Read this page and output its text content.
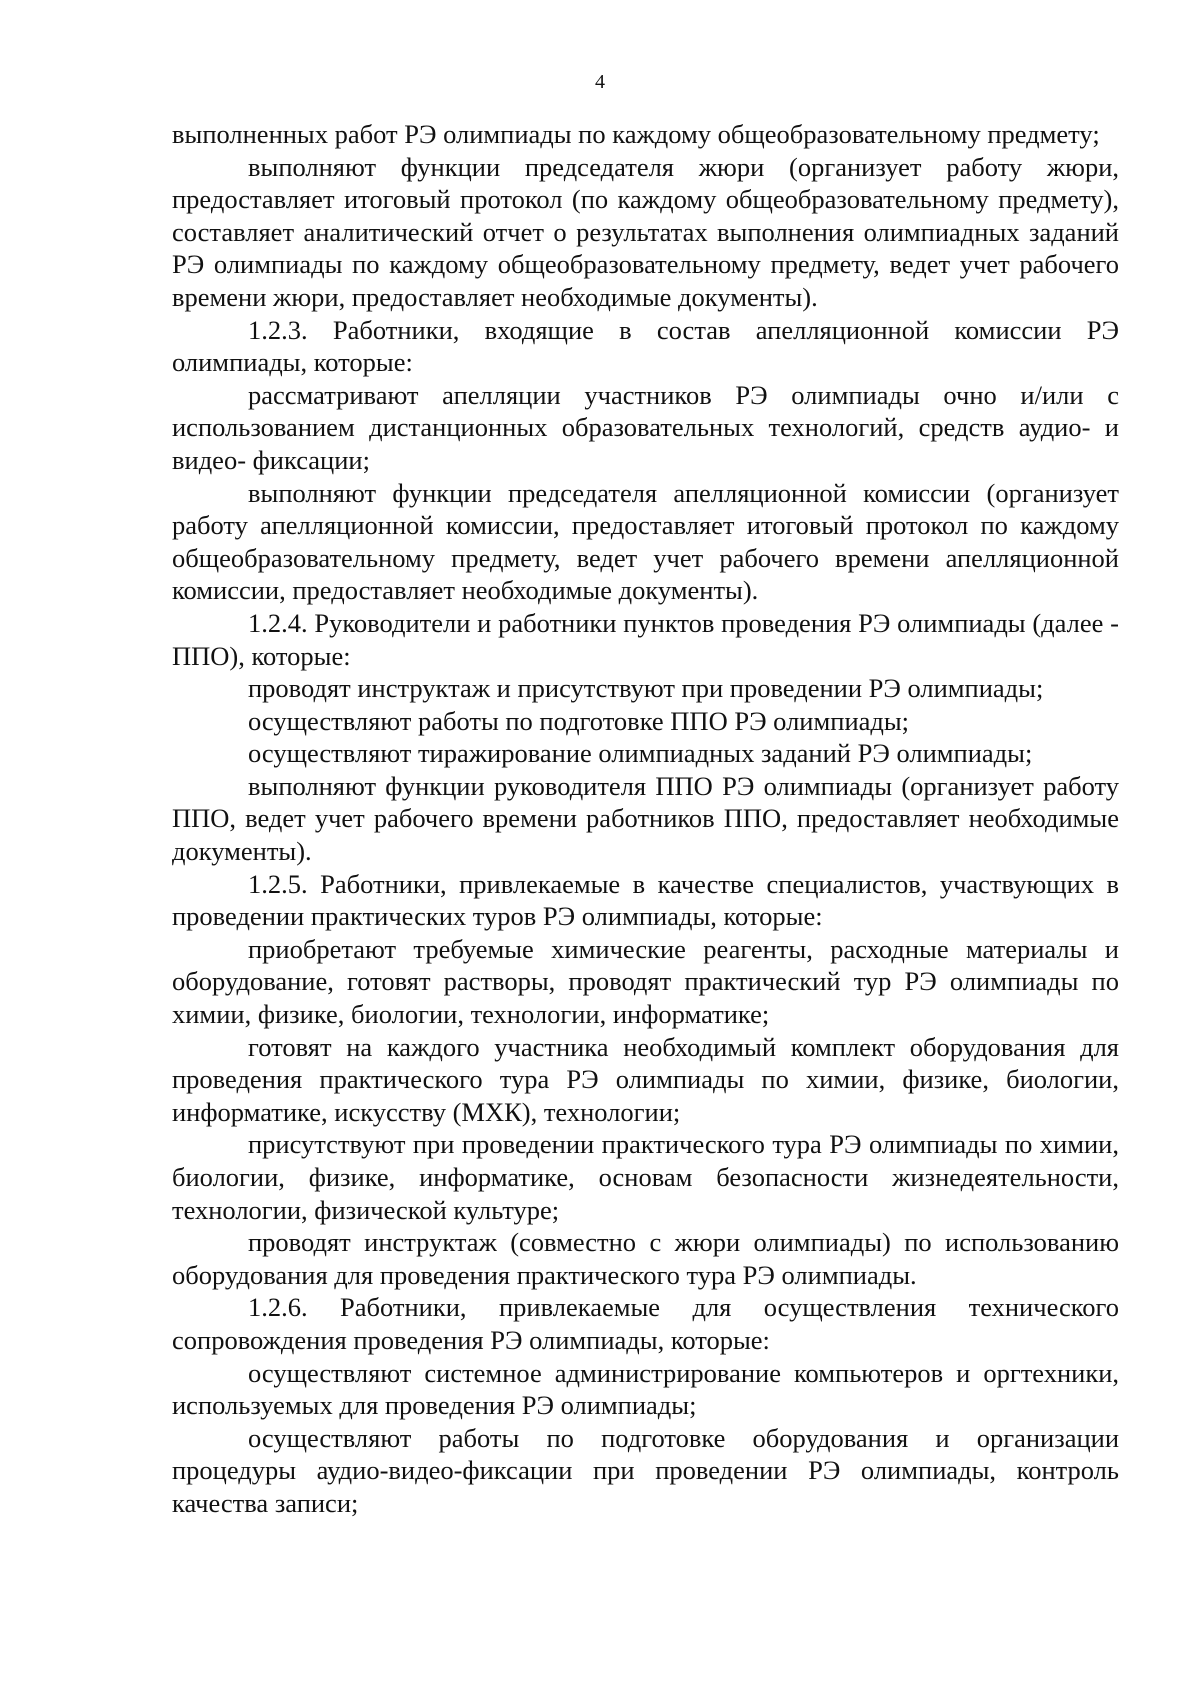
4

выполненных работ РЭ олимпиады по каждому общеобразовательному предмету;

выполняют функции председателя жюри (организует работу жюри, предоставляет итоговый протокол (по каждому общеобразовательному предмету), составляет аналитический отчет о результатах выполнения олимпиадных заданий РЭ олимпиады по каждому общеобразовательному предмету, ведет учет рабочего времени жюри, предоставляет необходимые документы).

1.2.3. Работники, входящие в состав апелляционной комиссии РЭ олимпиады, которые:

рассматривают апелляции участников РЭ олимпиады очно и/или с использованием дистанционных образовательных технологий, средств аудио- и видео- фиксации;

выполняют функции председателя апелляционной комиссии (организует работу апелляционной комиссии, предоставляет итоговый протокол по каждому общеобразовательному предмету, ведет учет рабочего времени апелляционной комиссии, предоставляет необходимые документы).

1.2.4. Руководители и работники пунктов проведения РЭ олимпиады (далее - ППО), которые:

проводят инструктаж и присутствуют при проведении РЭ олимпиады;

осуществляют работы по подготовке ППО РЭ олимпиады;

осуществляют тиражирование олимпиадных заданий РЭ олимпиады;

выполняют функции руководителя ППО РЭ олимпиады (организует работу ППО, ведет учет рабочего времени работников ППО, предоставляет необходимые документы).

1.2.5. Работники, привлекаемые в качестве специалистов, участвующих в проведении практических туров РЭ олимпиады, которые:

приобретают требуемые химические реагенты, расходные материалы и оборудование, готовят растворы, проводят практический тур РЭ олимпиады по химии, физике, биологии, технологии, информатике;

готовят на каждого участника необходимый комплект оборудования для проведения практического тура РЭ олимпиады по химии, физике, биологии, информатике, искусству (МХК), технологии;

присутствуют при проведении практического тура РЭ олимпиады по химии, биологии, физике, информатике, основам безопасности жизнедеятельности, технологии, физической культуре;

проводят инструктаж (совместно с жюри олимпиады) по использованию оборудования для проведения практического тура РЭ олимпиады.

1.2.6. Работники, привлекаемые для осуществления технического сопровождения проведения РЭ олимпиады, которые:

осуществляют системное администрирование компьютеров и оргтехники, используемых для проведения РЭ олимпиады;

осуществляют работы по подготовке оборудования и организации процедуры аудио-видео-фиксации при проведении РЭ олимпиады, контроль качества записи;
